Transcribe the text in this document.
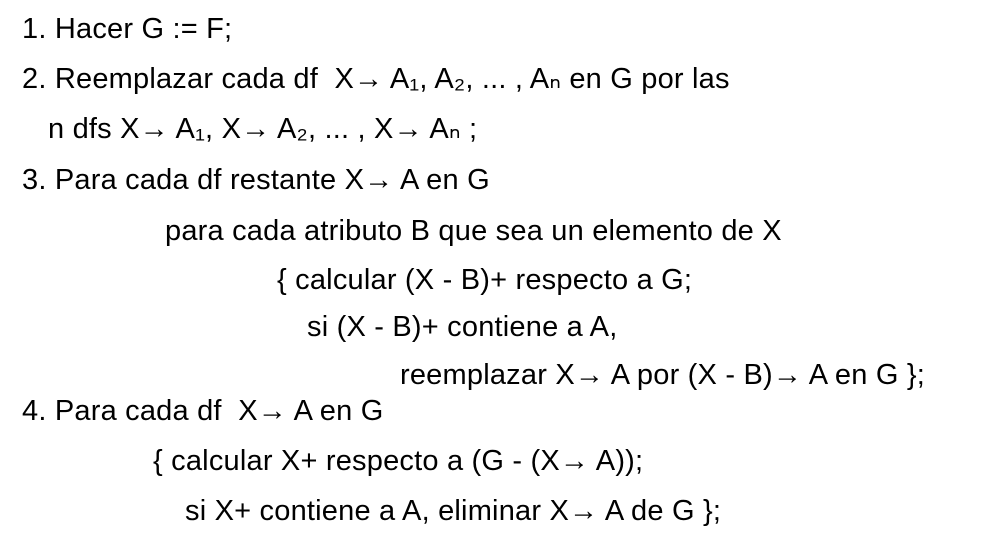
1. Hacer G := F;
2. Reemplazar cada df  X→ A₁, A₂, ... , Aₙ en G por las
n dfs X→ A₁, X→ A₂, ... , X→ Aₙ ;
3. Para cada df restante X→ A en G
para cada atributo B que sea un elemento de X
{ calcular (X - B)+ respecto a G;
si (X - B)+ contiene a A,
reemplazar X→ A por (X - B)→ A en G };
4. Para cada df  X→ A en G
{ calcular X+ respecto a (G - (X→ A));
si X+ contiene a A, eliminar X→ A de G };
